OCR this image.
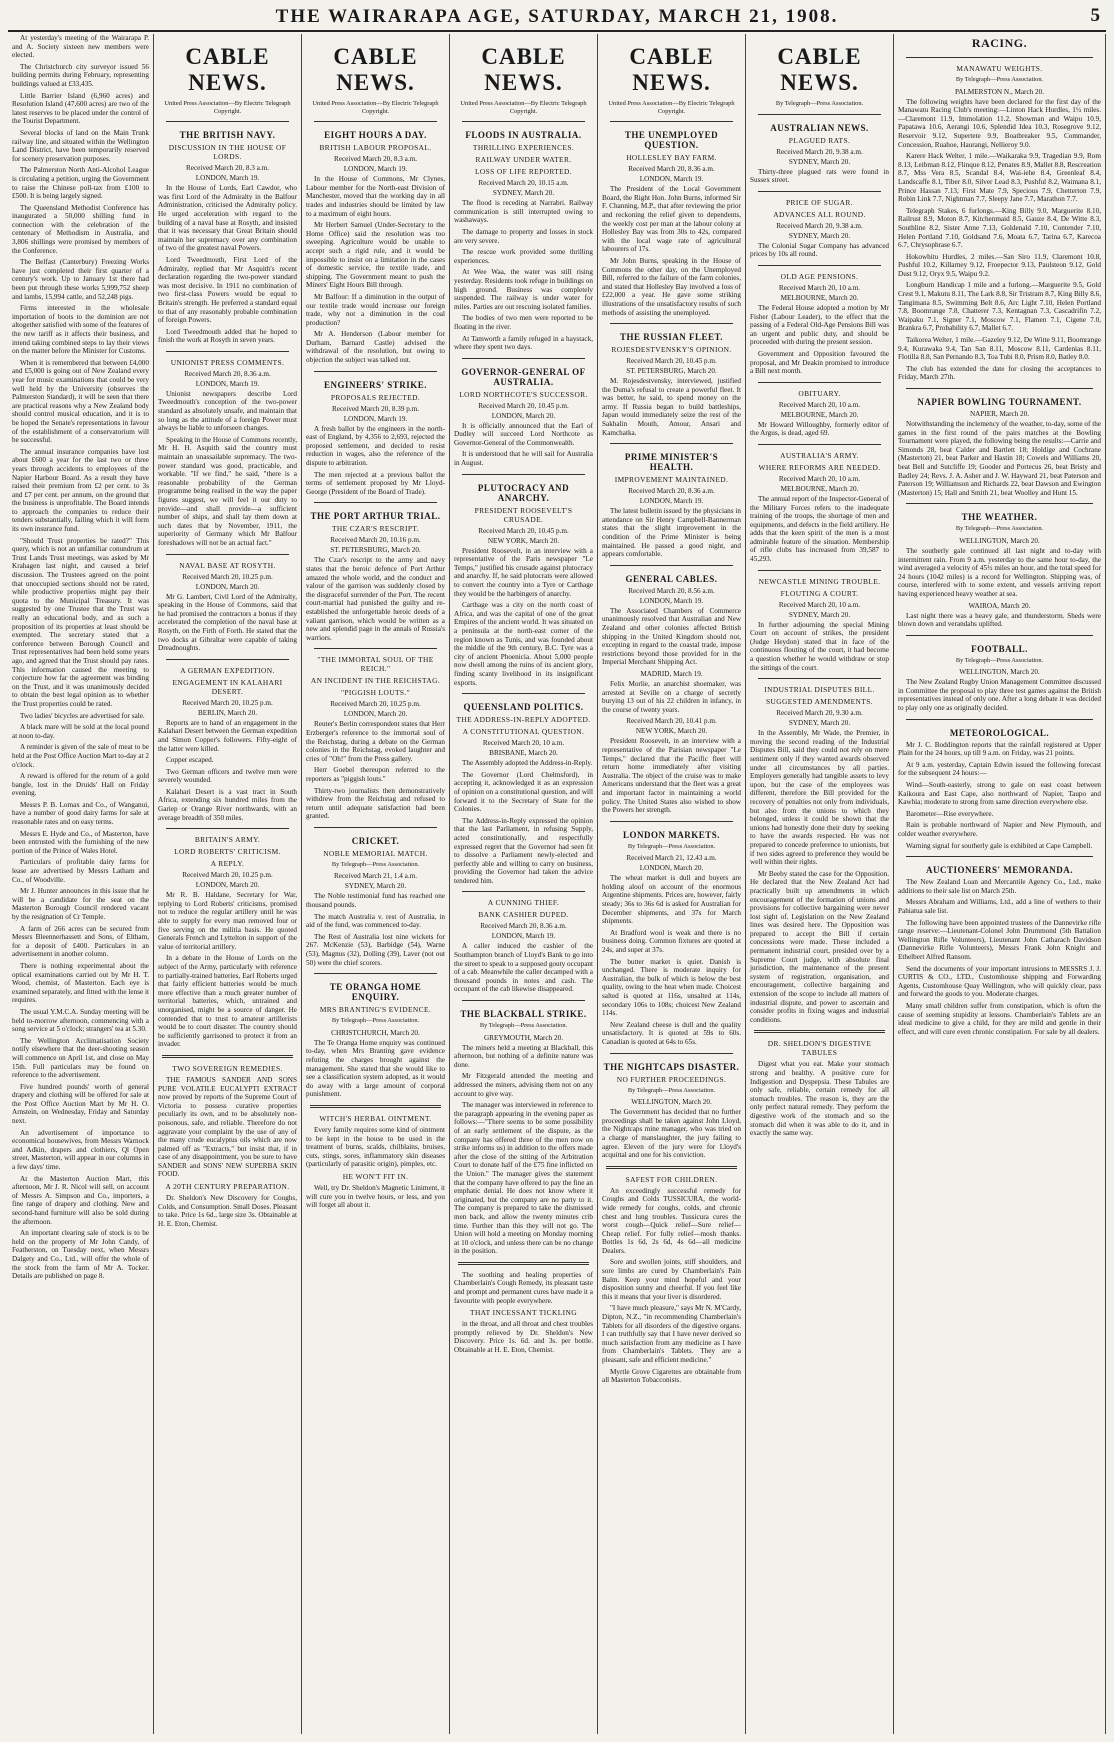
THE WAIRARAPA AGE, SATURDAY, MARCH 21, 1908.	5

At yesterday's meeting of the Wairarapa P. and A. Society sixteen new members were elected.

The Christchurch city surveyor issued 56 building permits during February, representing buildings valued at £33,435.

Little Barrier Island (6,960 acres) and Resolution Island (47,600 acres) are two of the latest reserves to be placed under the control of the Tourist Department.

Several blocks of land on the Main Trunk railway line, and situated within the Wellington Land District, have been temporarily reserved for scenery preservation purposes.

The Palmerston North Anti-Alcohol League is circulating a petition, urging the Government to raise the Chinese poll-tax from £100 to £500. It is being largely signed.

The Queensland Methodist Conference has inaugurated a 50,000 shilling fund in connection with the celebration of the centenary of Methodism in Australia, and 3,806 shillings were promised by members of the Conference.

The Belfast (Canterbury) Freezing Works have just completed their first quarter of a century's work. Up to January 1st there had been put through these works 5,999,752 sheep and lambs, 15,994 cattle, and 52,248 pigs.

Firms interested in the wholesale importation of boots to the dominion are not altogether satisfied with some of the features of the new tariff as it affects their business, and intend taking combined steps to lay their views on the matter before the Minister for Customs.

When it is remembered that between £4,000 and £5,000 is going out of New Zealand every year for music examinations that could be very well held by the University (observes the Palmerston Standard), it will be seen that there are practical reasons why a New Zealand body should control musical education, and it is to be hoped the Senate's representations in favour of the establishment of a conservatorium will be successful.

The annual insurance companies have lost about £600 a year for the last two or three years through accidents to employees of the Napier Harbour Board. As a result they have raised their premium from £2 per cent. to 3s and £7 per cent. per annum, on the ground that the business is unprofitable. The Board intends to approach the companies to reduce their tenders substantially, failing which it will form its own insurance fund.

"Should Trust properties be rated?" This query, which is not an unfamiliar conundrum at Trust Lands Trust meetings, was asked by Mr Krahagen last night, and caused a brief discussion. The Trustees agreed on the point that unoccupied sections should not be rated, while productive properties might pay their quota to the Municipal Treasury. It was suggested by one Trustee that the Trust was really an educational body, and as such a proposition of its properties at least should be exempted. The secretary stated that a conference between Borough Council and Trust representatives had been held some years ago, and agreed that the Trust should pay rates. This information caused the meeting to conjecture how far the agreement was binding on the Trust, and it was unanimously decided to obtain the best legal opinion as to whether the Trust properties could be rated.

Two ladies' bicycles are advertised for sale.

A black mare will be sold at the local pound at noon to-day.

A reminder is given of the sale of meat to be held at the Post Office Auction Mart to-day at 2 o'clock.

A reward is offered for the return of a gold bangle, lost in the Druids' Hall on Friday evening.

Messrs P. B. Lomax and Co., of Wanganui, have a number of good dairy farms for sale at reasonable rates and on easy terms.

Messrs E. Hyde and Co., of Masterton, have been entrusted with the furnishing of the new portion of the Prince of Wales Hotel.

Particulars of profitable dairy farms for lease are advertised by Messrs Latham and Co., of Woodville.

Mr J. Hunter announces in this issue that he will be a candidate for the seat on the Masterton Borough Council rendered vacant by the resignation of Cr Temple.

A farm of 266 acres can be secured from Messrs Bleennerhassett and Sons, of Eltham, for a deposit of £400. Particulars in an advertisement in another column.

There is nothing experimental about the optical examinations carried out by Mr H. T. Wood, chemist, of Masterton. Each eye is examined separately, and fitted with the lense it requires.

The usual Y.M.C.A. Sunday meeting will be held to-morrow afternoon, commencing with a song service at 5 o'clock; strangers' tea at 5.30.

The Wellington Acclimatisation Society notify elsewhere that the deer-shooting season will commence on April 1st, and close on May 15th. Full particulars may be found on reference to the advertisement.

Five hundred pounds' worth of general drapery and clothing will be offered for sale at the Post Office Auction Mart by Mr H. O. Arnstein, on Wednesday, Friday and Saturday next.

An advertisement of importance to economical housewives, from Messrs Warnock and Adkin, drapers and clothiers, Ql Open street, Masterton, will appear in our columns in a few days' time.

At the Masterton Auction Mart, this afternoon, Mr J. R. Nicol will sell, on account of Messrs A. Simpson and Co., importers, a fine range of drapery and clothing. New and second-hand furniture will also be sold during the afternoon.

An important clearing sale of stock is to be held on the property of Mr John Candy, of Featherston, on Tuesday next, when Messrs Dalgety and Co., Ltd., will offer the whole of the stock from the farm of Mr A. Tocker. Details are published on page 8.

CABLE NEWS.
United Press Association—By Electric Telegraph Copyright.
THE BRITISH NAVY.
DISCUSSION IN THE HOUSE OF LORDS.
Received March 20, 8.3 a.m.
LONDON, March 19.

In the House of Lords, Earl Cawdor, who was first Lord of the Admiralty in the Balfour Administration, criticised the Admiralty policy. He urged acceleration with regard to the building of a naval base at Rosyth, and insisted that it was necessary that Great Britain should maintain her supremacy over any combination of two of the greatest naval Powers.

Lord Tweedmouth, First Lord of the Admiralty, replied that Mr Asquith's recent declaration regarding the two-power standard was most decisive. In 1911 no combination of two first-class Powers would be equal to Britain's strength. He preferred a standard equal to that of any reasonably probable combination of foreign Powers.

Lord Tweedmouth added that he hoped to finish the work at Rosyth in seven years.

UNIONIST PRESS COMMENTS.
Received March 20, 8.36 a.m.
LONDON, March 19.

Unionist newspapers describe Lord Tweedmouth's conception of the two-power standard as absolutely unsafe, and maintain that so long as the attitude of a foreign Power must always be liable to unforseen changes.

Speaking in the House of Commons recently, Mr H. H. Asquith said the country must maintain an unassailable supremacy. The two-power standard was good, practicable, and workable. "If we find," he said, "there is a reasonable probability of the German programme being realised in the way the paper figures suggest, we will feel it our duty to provide—and shall provide—a sufficient number of ships, and shall lay them down at such dates that by November, 1911, the superiority of Germany which Mr Balfour foreshadows will not be an actual fact."

NAVAL BASE AT ROSYTH.
Received March 20, 10.25 p.m.
LONDON, March 20.

Mr G. Lambert, Civil Lord of the Admiralty, speaking in the House of Commons, said that he had promised the contractors a bonus if they accelerated the completion of the naval base at Rosyth, on the Firth of Forth. He stated that the two docks at Gibraltar were capable of taking Dreadnoughts.

A GERMAN EXPEDITION.
ENGAGEMENT IN KALAHARI DESERT.
Received March 20, 10.25 p.m.
BERLIN, March 20.

Reports are to hand of an engagement in the Kalahari Desert between the German expedition and Simon Copper's followers. Fifty-eight of the latter were killed.

Copper escaped.

Two German officers and twelve men were severely wounded.

Kalahari Desert is a vast tract in South Africa, extending six hundred miles from the Gariep or Orange River northwards, with an average breadth of 350 miles.

BRITAIN'S ARMY.
LORD ROBERTS' CRITICISM.
A REPLY.
Received March 20, 10.25 p.m.
LONDON, March 20.

Mr R. B. Haldane, Secretary for War, replying to Lord Roberts' criticisms, promised not to reduce the regular artillery until he was able to supply for every man removed four or five serving on the militia basis. He quoted Generals French and Lyttelton in support of the value of territorial artillery.

In a debate in the House of Lords on the subject of the Army, particularly with reference to partially-trained batteries, Earl Roberts urged that fairly efficient batteries would be much more effective than a much greater number of territorial batteries, which, untrained and unorganised, might be a source of danger. He contended that to trust to amateur artillerists would be to court disaster. The country should be sufficiently garrisoned to protect it from an invader.

TWO SOVEREIGN REMEDIES.

THE FAMOUS SANDER AND SONS PURE VOLATILE EUCALYPTI EXTRACT now proved by reports of the Supreme Court of Victoria to possess curative properties peculiarly its own, and to be absolutely non-poisonous, safe, and reliable. Therefore do not aggravate your complaint by the use of any of the many crude eucalyptus oils which are now palmed off as "Extracts," but insist that, if in case of any disappointment, you be sure to have SANDER and SONS' NEW SUPERBA SKIN FOOD.

A 20TH CENTURY PREPARATION.

Dr. Sheldon's New Discovery for Coughs, Colds, and Consumption. Small Doses. Pleasant to take. Price 1s 6d., large size 3s. Obtainable at H. E. Eton, Chemist.

CABLE NEWS.
United Press Association—By Electric Telegraph Copyright.
EIGHT HOURS A DAY.
BRITISH LABOUR PROPOSAL.
Received March 20, 8.3 a.m.
LONDON, March 19.

In the House of Commons, Mr Clynes, Labour member for the North-east Division of Manchester, moved that the working day in all trades and industries should be limited by law to a maximum of eight hours.

Mr Herbert Samuel (Under-Secretary to the Home Office) said the resolution was too sweeping. Agriculture would be unable to accept such a rigid rule, and it would be impossible to insist on a limitation in the cases of domestic service, the textile trade, and shipping. The Government meant to push the Miners' Eight Hours Bill through.

Mr Balfour: If a diminution in the output of our textile trade would increase our foreign trade, why not a diminution in the coal production?

Mr A. Henderson (Labour member for Durham, Barnard Castle) advised the withdrawal of the resolution, but owing to objection the subject was talked out.

ENGINEERS' STRIKE.
PROPOSALS REJECTED.
Received March 20, 8.39 p.m.
LONDON, March 19.

A fresh ballot by the engineers in the north-east of England, by 4,356 to 2,693, rejected the proposed settlement, and decided to resist reduction in wages, also the reference of the dispute to arbitration.

The men rejected at a previous ballot the terms of settlement proposed by Mr Lloyd-George (President of the Board of Trade).

THE PORT ARTHUR TRIAL.
THE CZAR'S RESCRIPT.
Received March 20, 10.16 p.m.
ST. PETERSBURG, March 20.

The Czar's rescript to the army and navy states that the heroic defence of Port Arthur amazed the whole world, and the conduct and valour of the garrison was suddenly closed by the disgraceful surrender of the Port. The recent court-martial had punished the guilty and re-established the unforgettable heroic deeds of a valiant garrison, which would be written as a new and splendid page in the annals of Russia's warriors.

"THE IMMORTAL SOUL OF THE REICH."
AN INCIDENT IN THE REICHSTAG.
"PIGGISH LOUTS."
Received March 20, 10.25 p.m.
LONDON, March 20.

Reuter's Berlin correspondent states that Herr Erzberger's reference to the immortal soul of the Reichstag, during a debate on the German colonies in the Reichstag, evoked laughter and cries of "Oh!" from the Press gallery.

Herr Goebel thereupon referred to the reporters as "piggish louts."

Thirty-two journalists then demonstratively withdrew from the Reichstag and refused to return until adequate satisfaction had been granted.

CRICKET.
NOBLE MEMORIAL MATCH.
By Telegraph—Press Association.
Received March 21, 1.4 a.m.
SYDNEY, March 20.

The Noble testimonial fund has reached one thousand pounds.

The match Australia v. rest of Australia, in aid of the fund, was commenced to-day.

The Rest of Australia lost nine wickets for 267. McKenzie (53), Barbidge (54), Warne (53), Magnus (32), Dolling (39), Laver (not out 50) were the chief scorers.

TE ORANGA HOME ENQUIRY.
MRS BRANTING'S EVIDENCE.
By Telegraph—Press Association.
CHRISTCHURCH, March 20.

The Te Oranga Home enquiry was continued to-day, when Mrs Branting gave evidence refuting the charges brought against the management. She stated that she would like to see a classification system adopted, as it would do away with a large amount of corporal punishment.

WITCH'S HERBAL OINTMENT.

Every family requires some kind of ointment to be kept in the house to be used in the treatment of burns, scalds, chilblains, bruises, cuts, stings, sores, inflammatory skin diseases (particularly of parasitic origin), pimples, etc.

HE WON'T FIT IN.

Well, try Dr. Sheldon's Magnetic Liniment, it will cure you in twelve hours, or less, and you will forget all about it.

CABLE NEWS.
United Press Association—By Electric Telegraph Copyright.
FLOODS IN AUSTRALIA.
THRILLING EXPERIENCES.
RAILWAY UNDER WATER.
LOSS OF LIFE REPORTED.
Received March 20, 10.15 a.m.
SYDNEY, March 20.

The flood is receding at Narrabri. Railway communication is still interrupted owing to washaways.

The damage to property and losses in stock are very severe.

The rescue work provided some thrilling experiences.

At Wee Waa, the water was still rising yesterday. Residents took refuge in buildings on high ground. Business was completely suspended. The railway is under water for miles. Parties are out rescuing isolated families.

The bodies of two men were reported to be floating in the river.

At Tamworth a family refuged in a haystack, where they spent two days.

GOVERNOR-GENERAL OF AUSTRALIA.
LORD NORTHCOTE'S SUCCESSOR.
Received March 20, 10.45 p.m.
LONDON, March 20.

It is officially announced that the Earl of Dudley will succeed Lord Northcote as Governor-General of the Commonwealth.

It is understood that he will sail for Australia in August.

PLUTOCRACY AND ANARCHY.
PRESIDENT ROOSEVELT'S CRUSADE.
Received March 20, 10.45 p.m.
NEW YORK, March 20.

President Roosevelt, in an interview with a representative of the Paris newspaper "Le Temps," justified his crusade against plutocracy and anarchy. If, he said plutocrats were allowed to convert the country into a Tyre or Carthage they would be the harbingers of anarchy.

Carthage was a city on the north coast of Africa, and was the capital of one of the great Empires of the ancient world. It was situated on a peninsula at the north-east corner of the region known as Tunis, and was founded about the middle of the 9th century, B.C. Tyre was a city of ancient Phoenicia. About 5,000 people now dwell among the ruins of its ancient glory, finding scanty livelihood in its insignificant exports.

QUEENSLAND POLITICS.
THE ADDRESS-IN-REPLY ADOPTED.
A CONSTITUTIONAL QUESTION.
Received March 20, 10 a.m.
BRISBANE, March 20.

The Assembly adopted the Address-in-Reply.

The Governor (Lord Chelmsford), in accepting it, acknowledged it as an expression of opinion on a constitutional question, and will forward it to the Secretary of State for the Colonies.

The Address-in-Reply expressed the opinion that the last Parliament, in refusing Supply, acted constitutionally, and respectfully expressed regret that the Governor had seen fit to dissolve a Parliament newly-elected and perfectly able and willing to carry on business, providing the Governor had taken the advice tendered him.

A CUNNING THIEF.
BANK CASHIER DUPED.
Received March 20, 8.36 a.m.
LONDON, March 19.

A caller induced the cashier of the Southampton branch of Lloyd's Bank to go into the street to speak to a supposed gouty occupant of a cab. Meanwhile the caller decamped with a thousand pounds in notes and cash. The occupant of the cab likewise disappeared.

THE BLACKBALL STRIKE.
By Telegraph—Press Association.
GREYMOUTH, March 20.

The miners held a meeting at Blackball, this afternoon, but nothing of a definite nature was done.

Mr Fitzgerald attended the meeting and addressed the miners, advising them not on any account to give way.

The manager was interviewed in reference to the paragraph appearing in the evening paper as follows:—"There seems to be some possibility of an early settlement of the dispute, as the company has offered three of the men now on strike informs us) in addition to the offers made after the close of the sitting of the Arbitration Court to donate half of the £75 fine inflicted on the Union." The manager gives the statement that the company have offered to pay the fine an emphatic denial. He does not know where it originated, but the company are no party to it. The company is prepared to take the dismissed men back, and allow the twenty minutes crib time. Further than this they will not go. The Union will hold a meeting on Monday morning at 10 o'clock, and unless there can be no change in the position.

The soothing and healing properties of Chamberlain's Cough Remedy, its pleasant taste and prompt and permanent cures have made it a favourite with people everywhere.

THAT INCESSANT TICKLING

in the throat, and all throat and chest troubles promptly relieved by Dr. Sheldon's New Discovery. Price 1s. 6d. and 3s. per bottle. Obtainable at H. E. Eton, Chemist.

CABLE NEWS.
United Press Association—By Electric Telegraph Copyright.
THE UNEMPLOYED QUESTION.
HOLLESLEY BAY FARM.
Received March 20, 8.36 a.m.
LONDON, March 19.

The President of the Local Government Board, the Right Hon. John Burns, informed Sir F. Channing, M.P., that after reviewing the prior and reckoning the relief given to dependents, the weekly cost per man at the labour colony at Hollesley Bay was from 30s to 42s, compared with the local wage rate of agricultural labourers of 17s.

Mr John Burns, speaking in the House of Commons the other day, on the Unemployed Bill, referred to the failure of the farm colonies, and stated that Hollesley Bay involved a loss of £22,000 a year. He gave some striking illustrations of the unsatisfactory results of such methods of assisting the unemployed.

THE RUSSIAN FLEET.
ROJESDESTVENSKY'S OPINION.
Received March 20, 10.45 p.m.
ST. PETERSBURG, March 20.

M. Rojesdestvensky, interviewed, justified the Duma's refusal to create a powerful fleet. It was better, he said, to spend money on the army. If Russia began to build battleships, Japan would immediately seize the rest of the Sakhalin Mouth, Amour, Ansari and Kamchatka.

PRIME MINISTER'S HEALTH.
IMPROVEMENT MAINTAINED.
Received March 20, 8.36 a.m.
LONDON, March 19.

The latest bulletin issued by the physicians in attendance on Sir Henry Campbell-Bannerman states that the slight improvement in the condition of the Prime Minister is being maintained. He passed a good night, and appears comfortable.

GENERAL CABLES.
Received March 20, 8.56 a.m.
LONDON, March 19.

The Associated Chambers of Commerce unanimously resolved that Australian and New Zealand and other colonies affected British shipping in the United Kingdom should not, excepting in regard to the coastal trade, impose restrictions beyond those provided for in the Imperial Merchant Shipping Act.

MADRID, March 19.

Felix Morlie, an anarchist shoemaker, was arrested at Seville on a charge of secretly burying 13 out of his 22 children in infancy, in the course of twenty years.

Received March 20, 10.41 p.m.
NEW YORK, March 20.

President Roosevelt, in an interview with a representative of the Parisian newspaper "Le Temps," declared that the Pacific fleet will return home immediately after visiting Australia. The object of the cruise was to make Americans understand that the fleet was a great and important factor in maintaining a world policy. The United States also wished to show the Powers her strength.

LONDON MARKETS.
By Telegraph—Press Association.
Received March 21, 12.43 a.m.
LONDON, March 20.

The wheat market is dull and buyers are holding aloof on account of the enormous Argentine shipments. Prices are, however, fairly steady; 36s to 36s 6d is asked for Australian for December shipments, and 37s for March shipments.

At Bradford wool is weak and there is no business doing. Common fixtures are quoted at 24s, and super at 37s.

The butter market is quiet. Danish is unchanged. There is moderate inquiry for Australian, the bulk of which is below the best quality, owing to the heat when made. Choicest salted is quoted at 116s, unsalted at 114s, secondary 106s to 108s; choicest New Zealand 114s.

New Zealand cheese is dull and the quality unsatisfactory. It is quoted at 59s to 60s. Canadian is quoted at 64s to 65s.

THE NIGHTCAPS DISASTER.
NO FURTHER PROCEEDINGS.
By Telegraph—Press Association.
WELLINGTON, March 20.

The Government has decided that no further proceedings shall be taken against John Lloyd, the Nightcaps mine manager, who was tried on a charge of manslaughter, the jury failing to agree. Eleven of the jury were for Lloyd's acquittal and one for his conviction.

SAFEST FOR CHILDREN.

An exceedingly successful remedy for Coughs and Colds TUSSICURA, the world-wide remedy for coughs, colds, and chronic chest and lung troubles. Tussicura cures the worst cough—Quick relief—Sure relief—Cheap relief. For fully relief—mosh thanks. Bottles 1s 6d, 2s 6d, 4s 6d—all medicine Dealers.

Sore and swollen joints, stiff shoulders, and sore limbs are cured by Chamberlain's Pain Balm. Keep your mind hopeful and your disposition sunny and cheerful. If you feel like this it means that your liver is disordered.

"I have much pleasure," says Mr N. M'Cardy, Dipton, N.Z., "in recommending Chamberlain's Tablets for all disorders of the digestive organs. I can truthfully say that I have never derived so much satisfaction from any medicine as I have from Chamberlain's Tablets. They are a pleasant, safe and efficient medicine."

Myrtle Grove Cigarettes are obtainable from all Masterton Tobacconists.

CABLE NEWS.
By Telegraph—Press Association.
AUSTRALIAN NEWS.
PLAGUED RATS.
Received March 20, 9.38 a.m.
SYDNEY, March 20.

Thirty-three plagued rats were found in Sussex street.

PRICE OF SUGAR.
ADVANCES ALL ROUND.
Received March 20, 9.38 a.m.
SYDNEY, March 20.

The Colonial Sugar Company has advanced prices by 10s all round.

OLD AGE PENSIONS.
Received March 20, 10 a.m.
MELBOURNE, March 20.

The Federal House adopted a motion by Mr Fisher (Labour Leader), to the effect that the passing of a Federal Old-Age Pensions Bill was an urgent and public duty, and should be proceeded with during the present session.

Government and Opposition favoured the proposal, and Mr Deakin promised to introduce a Bill next month.

OBITUARY.
Received March 20, 10 a.m.
MELBOURNE, March 20.

Mr Howard Willoughby, formerly editor of the Argus, is dead, aged 69.

AUSTRALIA'S ARMY.
WHERE REFORMS ARE NEEDED.
Received March 20, 10 a.m.
MELBOURNE, March 20.

The annual report of the Inspector-General of the Military Forces refers to the inadequate training of the troops, the shortage of men and equipments, and defects in the field artillery. He adds that the keen spirit of the men is a most admirable feature of the situation. Membership of rifle clubs has increased from 39,587 to 45,293.

NEWCASTLE MINING TROUBLE.
FLOUTING A COURT.
Received March 20, 10 a.m.
SYDNEY, March 20.

In further adjourning the special Mining Court on account of strikes, the president (Judge Heydon) stated that in face of the continuous flouting of the court, it had become a question whether he would withdraw or stop the sittings of the court.

INDUSTRIAL DISPUTES BILL.
SUGGESTED AMENDMENTS.
Received March 20, 9.30 a.m.
SYDNEY, March 20.

In the Assembly, Mr Wade, the Premier, in moving the second reading of the Industrial Disputes Bill, said they could not rely on mere sentiment only if they wanted awards observed under all circumstances by all parties. Employers generally had tangible assets to levy upon, but the case of the employees was different, therefore the Bill provided for the recovery of penalties not only from individuals, but also from the unions to which they belonged, unless it could be shown that the unions had honestly done their duty by seeking to have the awards respected. He was not prepared to concede preference to unionists, but if two sides agreed to preference they would be well within their rights.

Mr Beeby stated the case for the Opposition. He declared that the New Zealand Act had practically built up amendments in which encouragement of the formation of unions and provisions for collective bargaining were never lost sight of. Legislation on the New Zealand lines was desired here. The Opposition was prepared to accept the Bill if certain concessions were made. These included a permanent industrial court, presided over by a Supreme Court judge, with absolute final jurisdiction, the maintenance of the present system of registration, organisation, and encouragement, collective bargaining and extension of the scope to include all matters of industrial dispute, and power to ascertain and consider profits in fixing wages and industrial conditions.

DR. SHELDON'S DIGESTIVE TABULES

Digest what you eat. Make your stomach strong and healthy. A positive cure for Indigestion and Dyspepsia. These Tabules are only safe, reliable, certain remedy for all stomach troubles. The reason is, they are the only perfect natural remedy. They perform the digestive work of the stomach and so the stomach did when it was able to do it, and in exactly the same way.

RACING.
MANAWATU WEIGHTS.
By Telegraph—Press Association.
PALMERSTON N., March 20.

The following weights have been declared for the first day of the Manawatu Racing Club's meeting:—Linton Hack Hurdles, 1½ miles.—Claremont 11.9, Immolation 11.2, Showman and Waipu 10.9, Papatawa 10.6, Aerangi 10.6, Splendid Idea 10.3, Rosegrove 9.12, Reservoir 9.12, Supertete 9.9, Boatbreaker 9.5, Commander, Concession, Ruahoe, Haurangi, Nellieroy 9.0.

Karere Hack Welter, 1 mile.—Waikaraka 9.9, Tragedian 9.9, Rom 8.13, Leibman 8.12, Flinque 8.12, Penates 8.9, Mallet 8.8, Rescreation 8.7, Mss Vera 8.5, Scandal 8.4, Wai-iehe 8.4, Greenleaf 8.4, Landscaffe 8.1, Tiber 8.0, Silver Lead 8.3, Pushful 8.2, Waimana 8.1, Prince Hassan 7.13, First Mate 7.9, Specious 7.9, Chetterton 7.9, Robin Link 7.7, Nightman 7.7, Sleepy Jane 7.7, Marathon 7.7.

Telegraph Stakes, 6 furlongs.—King Billy 9.0, Marguerite 8.10, Railrust 8.9, Moton 8.7, Kitchenmaid 8.5, Gauze 8.4, De Witte 8.3, Southline 8.2, Sister Anne 7.13, Goldenald 7.10, Contender 7.10, Helen Portland 7.10, Goldsand 7.6, Moata 6.7, Tarina 6.7, Karecoa 6.7, Chrysophrase 6.7.

Hokowhitu Hurdles, 2 miles.—San Siro 11.9, Claremont 10.8, Pushful 10.2, Killarney 9.12, Froepector 9.13, Paulsteon 9.12, Gold Dust 9.12, Oryx 9.5, Waipu 9.2.

Longburn Handicap 1 mile and a furlong.—Marguerite 9.5, Gold Crest 9.1, Makutu 8.11, The Lark 8.8, Sir Tristram 8.7, King Billy 8.6, Tangimana 8.5, Swimming Belt 8.6, Arc Light 7.10, Helen Portland 7.8, Boomrange 7.8, Chatterer 7.3, Kentagnan 7.3, Cascadrifin 7.2, Waipaku 7.1, Signer 7.1, Moscow 7.1, Flamen 7.1, Cigene 7.0, Brankra 6.7, Probability 6.7, Mallet 6.7.

Taikorea Welter, 1 mile.—Gazeley 9.12, De Witte 9.11, Boomrange 9.4, Kurawaka 9.4, Tan San 8.11, Moscow 8.11, Cardenias 8.11, Flotilla 8.8, San Pernando 8.3, Toa Tubi 8.0, Prism 8.0, Batley 8.0.

The club has extended the date for closing the acceptances to Friday, March 27th.

NAPIER BOWLING TOURNAMENT.
NAPIER, March 20.

Notwithstanding the inclemency of the weather, to-day, some of the games in the first round of the pairs matches at the Bowling Tournament were played, the following being the results:—Carrie and Simonds 28, beat Calder and Bartlett 18; Holdige and Cochrane (Masterton) 21, beat Parker and Hastin 18; Cowels and Williams 20, beat Bell and Sutcliffe 19; Gooder and Portecus 26, beat Bristy and Badley 24; Revs. J. A. Asher and J. W. Hayward 21, beat Paterson and Paterson 19; Williamson and Richards 22, beat Dawson and Ewington (Masterton) 15; Hall and Smith 21, beat Woolley and Hunt 15.

THE WEATHER.
By Telegraph—Press Association.
WELLINGTON, March 20.

The southerly gale continued all last night and to-day with intermittent rain. From 9 a.m. yesterday to the same hour to-day, the wind averaged a velocity of 45½ miles an hour, and the total speed for 24 hours (1042 miles) is a record for Wellington. Shipping was, of course, interfered with to some extent, and vessels arriving report having experienced heavy weather at sea.

WAIROA, March 20.

Last night there was a heavy gale, and thunderstorm. Sheds were blown down and verandahs uplifted.

FOOTBALL.
By Telegraph—Press Association.
WELLINGTON, March 20.

The New Zealand Rugby Union Management Committee discussed in Committee the proposal to play three test games against the British representatives instead of only one. After a long debate it was decided to play only one as originally decided.

METEOROLOGICAL.

Mr J. C. Boddington reports that the rainfall registered at Upper Plain for the 24 hours, up till 9 a.m. on Friday, was 21 points.

At 9 a.m. yesterday, Captain Edwin issued the following forecast for the subsequent 24 hours:—

Wind—South-easterly, strong to gale on east coast between Kaikoura and East Cape, also northward of Napier, Taupo and Kawhia; moderate to strong from same direction everywhere else.

Barometer—Rise everywhere.

Rain is probable northward of Napier and New Plymouth, and colder weather everywhere.

Warning signal for southerly gale is exhibited at Cape Campbell.

AUCTIONEERS' MEMORANDA.

The New Zealand Loan and Mercantile Agency Co., Ltd., make additions to their sale list on March 25th.

Messrs Abraham and Williams, Ltd., add a line of wethers to their Pahiatua sale list.

The following have been appointed trustees of the Dannevirke rifle range reserve:—Lieutenant-Colonel John Drummond (5th Battalion Wellington Rifle Volunteers), Lieutenant John Catharach Davidson (Dannevirke Rifle Volunteers), Messrs Frank John Knight and Ethelbert Alfred Ransom.

Send the documents of your important intrusions to MESSRS J. J. CURTIS & CO., LTD., Customhouse shipping and Forwarding Agents, Customhouse Quay Wellington, who will quickly clear, pass and forward the goods to you. Moderate charges.

Many small children suffer from constipation, which is often the cause of seeming stupidity at lessons. Chamberlain's Tablets are an ideal medicine to give a child, for they are mild and gentle in their effect, and will cure even chronic constipation. For sale by all dealers.
